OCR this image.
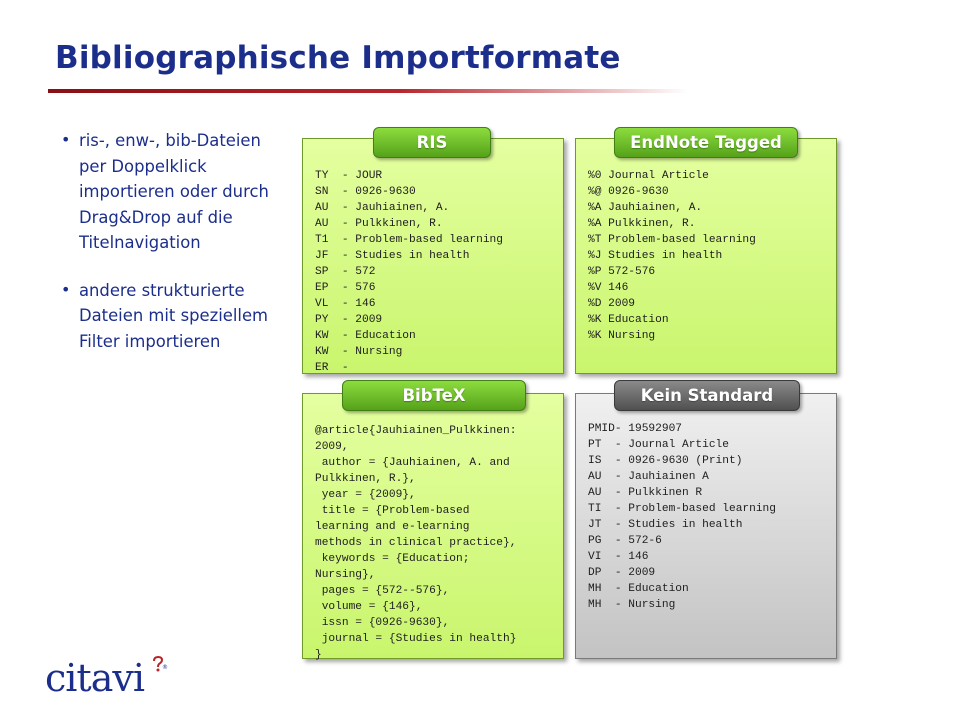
Bibliographische Importformate
• ris-, enw-, bib-Dateien per Doppelklick importieren oder durch Drag&Drop auf die Titelnavigation
• andere strukturierte Dateien mit speziellem Filter importieren
TY  - JOUR
SN  - 0926-9630
AU  - Jauhiainen, A.
AU  - Pulkkinen, R.
T1  - Problem-based learning
JF  - Studies in health
SP  - 572
EP  - 576
VL  - 146
PY  - 2009
KW  - Education
KW  - Nursing
ER  -
RIS
%0 Journal Article
%@ 0926-9630
%A Jauhiainen, A.
%A Pulkkinen, R.
%T Problem-based learning
%J Studies in health
%P 572-576
%V 146
%D 2009
%K Education
%K Nursing
EndNote Tagged
@article{Jauhiainen_Pulkkinen:
2009,
author = {Jauhiainen, A. and
Pulkkinen, R.},
year = {2009},
title = {Problem-based
learning and e-learning
methods in clinical practice},
keywords = {Education;
Nursing},
pages = {572--576},
volume = {146},
issn = {0926-9630},
journal = {Studies in health}
}
BibTeX
PMID- 19592907
PT  - Journal Article
IS  - 0926-9630 (Print)
AU  - Jauhiainen A
AU  - Pulkkinen R
TI  - Problem-based learning
JT  - Studies in health
PG  - 572-6
VI  - 146
DP  - 2009
MH  - Education
MH  - Nursing
Kein Standard
citavi	®
